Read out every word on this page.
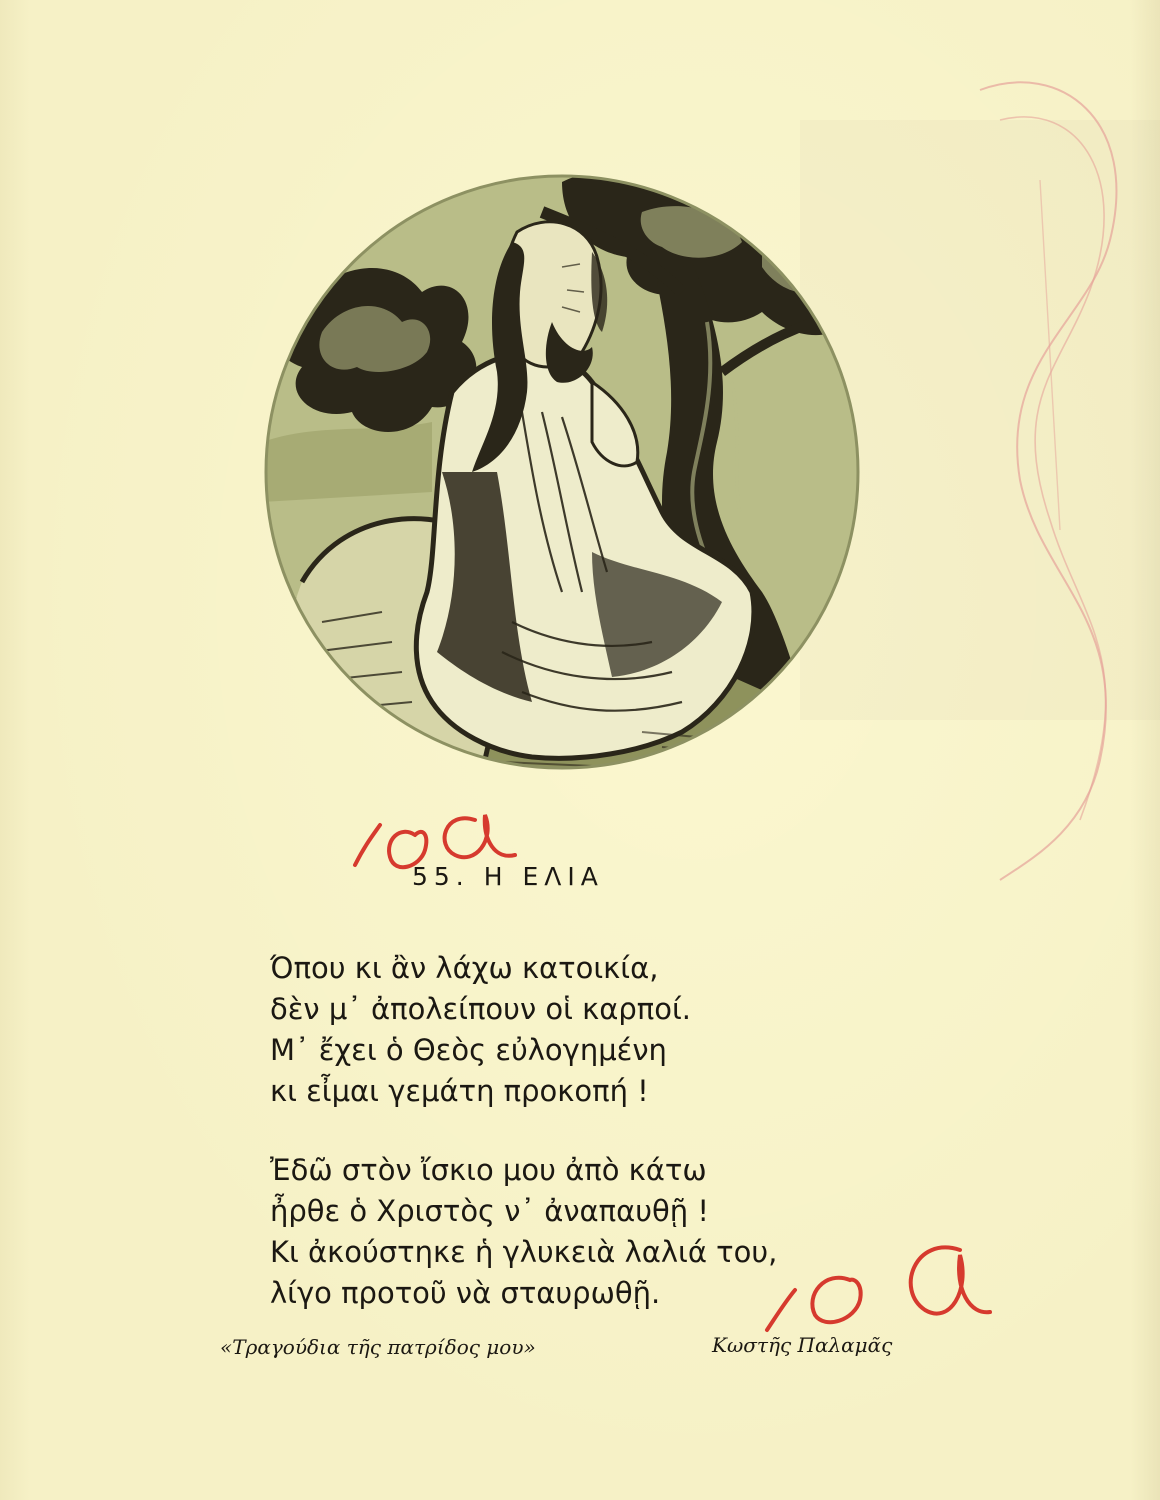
55. Η ΕΛΙΑ
Όπου κι ἂν λάχω κατοικία,
δὲν μ᾿ ἀπολείπουν οἱ καρποί.
Μ᾿ ἔχει ὁ Θεὸς εὐλογημένη
κι εἶμαι γεμάτη προκοπή !
Ἐδῶ στὸν ἴσκιο μου ἀπὸ κάτω
ἦρθε ὁ Χριστὸς ν᾿ ἀναπαυθῇ !
Κι ἀκούστηκε ἡ γλυκειὰ λαλιά του,
λίγο προτοῦ νὰ σταυρωθῇ.
«Τραγούδια τῆς πατρίδος μου»	Κωστῆς Παλαμᾶς
